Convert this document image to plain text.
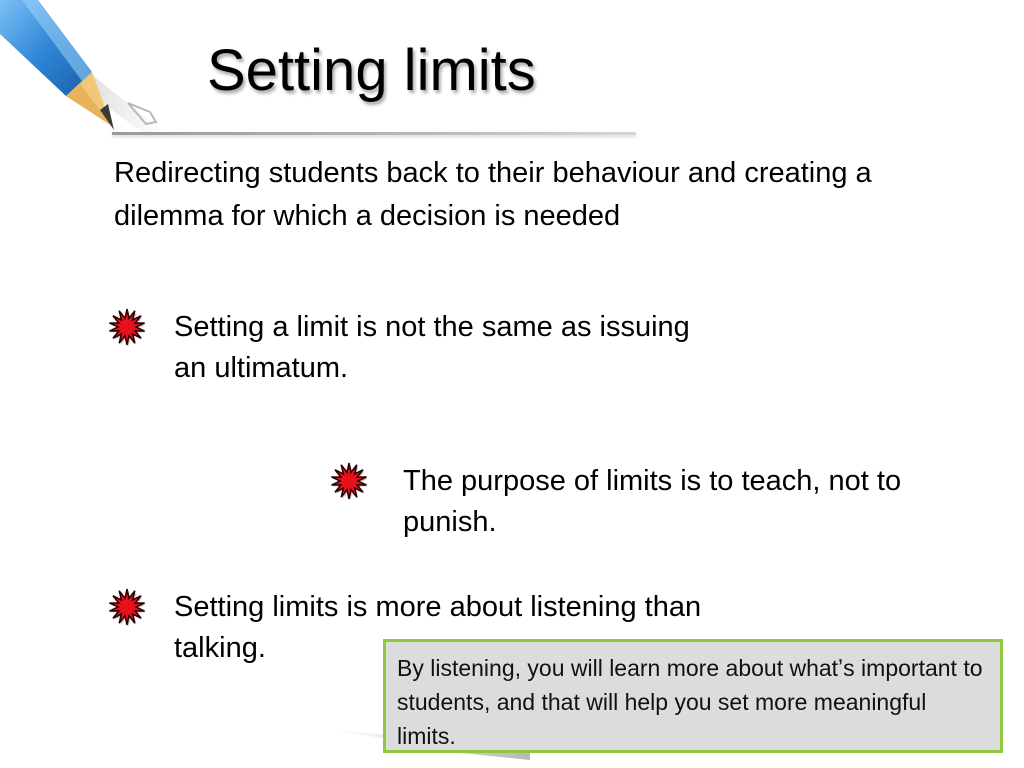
Setting limits
Redirecting students back to their behaviour and creating a dilemma for which a decision is needed
Setting a limit is not the same as issuing an ultimatum.
The purpose of limits is to teach, not to punish.
Setting limits is more about listening than talking.
By listening, you will learn more about whatʼs important to students, and that will help you set more meaningful limits.
